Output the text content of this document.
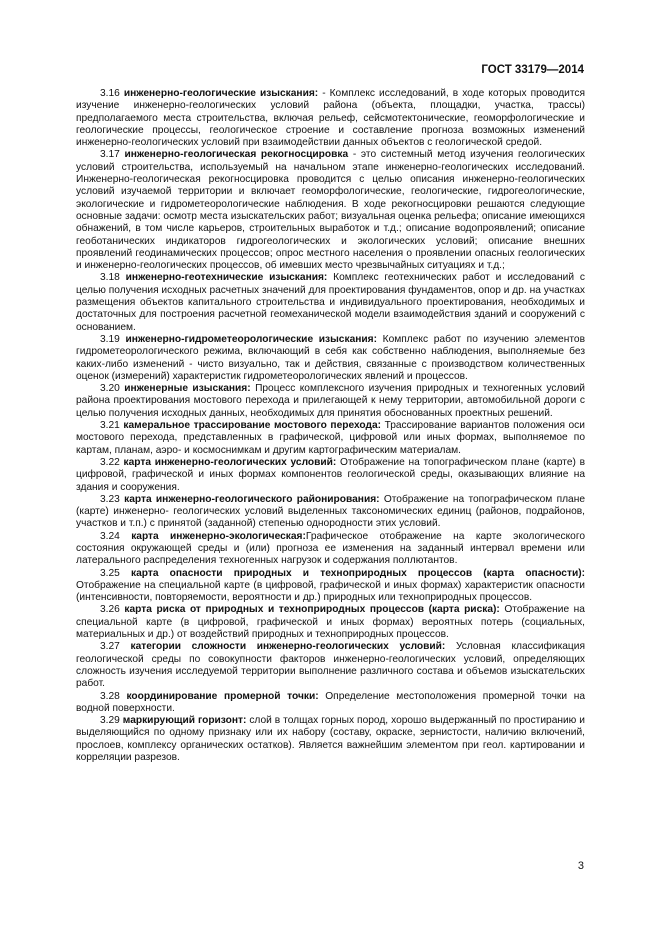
ГОСТ 33179—2014

3.16 инженерно-геологические изыскания: - Комплекс исследований, в ходе которых проводится изучение инженерно-геологических условий района (объекта, площадки, участка, трассы) предполагаемого места строительства, включая рельеф, сейсмотектонические, геоморфологические и геологические процессы, геологическое строение и составление прогноза возможных изменений инженерно-геологических условий при взаимодействии данных объектов с геологической средой.

3.17 инженерно-геологическая рекогносцировка - это системный метод изучения геологических условий строительства, используемый на начальном этапе инженерно-геологических исследований. Инженерно-геологическая рекогносцировка проводится с целью описания инженерно-геологических условий изучаемой территории и включает геоморфологические, геологические, гидрогеологические, экологические и гидрометеорологические наблюдения. В ходе рекогносцировки решаются следующие основные задачи: осмотр места изыскательских работ; визуальная оценка рельефа; описание имеющихся обнажений, в том числе карьеров, строительных выработок и т.д.; описание водопроявлений; описание геоботанических индикаторов гидрогеологических и экологических условий; описание внешних проявлений геодинамических процессов; опрос местного населения о проявлении опасных геологических и инженерно-геологических процессов, об имевших место чрезвычайных ситуациях и т.д.;

3.18 инженерно-геотехнические изыскания: Комплекс геотехнических работ и исследований с целью получения исходных расчетных значений для проектирования фундаментов, опор и др. на участках размещения объектов капитального строительства и индивидуального проектирования, необходимых и достаточных для построения расчетной геомеханической модели взаимодействия зданий и сооружений с основанием.

3.19 инженерно-гидрометеорологические изыскания: Комплекс работ по изучению элементов гидрометеорологического режима, включающий в себя как собственно наблюдения, выполняемые без каких-либо изменений - чисто визуально, так и действия, связанные с производством количественных оценок (измерений) характеристик гидрометеорологических явлений и процессов.

3.20 инженерные изыскания: Процесс комплексного изучения природных и техногенных условий района проектирования мостового перехода и прилегающей к нему территории, автомобильной дороги с целью получения исходных данных, необходимых для принятия обоснованных проектных решений.

3.21 камеральное трассирование мостового перехода: Трассирование вариантов положения оси мостового перехода, представленных в графической, цифровой или иных формах, выполняемое по картам, планам, аэро- и космоснимкам и другим картографическим материалам.

3.22 карта инженерно-геологических условий: Отображение на топографическом плане (карте) в цифровой, графической и иных формах компонентов геологической среды, оказывающих влияние на здания и сооружения.

3.23 карта инженерно-геологического районирования: Отображение на топографическом плане (карте) инженерно- геологических условий выделенных таксономических единиц (районов, подрайонов, участков и т.п.) с принятой (заданной) степенью однородности этих условий.

3.24 карта инженерно-экологическая:Графическое отображение на карте экологического состояния окружающей среды и (или) прогноза ее изменения на заданный интервал времени или латерального распределения техногенных нагрузок и содержания поллютантов.

3.25 карта опасности природных и техноприродных процессов (карта опасности): Отображение на специальной карте (в цифровой, графической и иных формах) характеристик опасности (интенсивности, повторяемости, вероятности и др.) природных или техноприродных процессов.

3.26 карта риска от природных и техноприродных процессов (карта риска): Отображение на специальной карте (в цифровой, графической и иных формах) вероятных потерь (социальных, материальных и др.) от воздействий природных и техноприродных процессов.

3.27 категории сложности инженерно-геологических условий: Условная классификация геологической среды по совокупности факторов инженерно-геологических условий, определяющих сложность изучения исследуемой территории выполнение различного состава и объемов изыскательских работ.

3.28 координирование промерной точки: Определение местоположения промерной точки на водной поверхности.

3.29 маркирующий горизонт: слой в толщах горных пород, хорошо выдержанный по простиранию и выделяющийся по одному признаку или их набору (составу, окраске, зернистости, наличию включений, прослоев, комплексу органических остатков). Является важнейшим элементом при геол. картировании и корреляции разрезов.

3
